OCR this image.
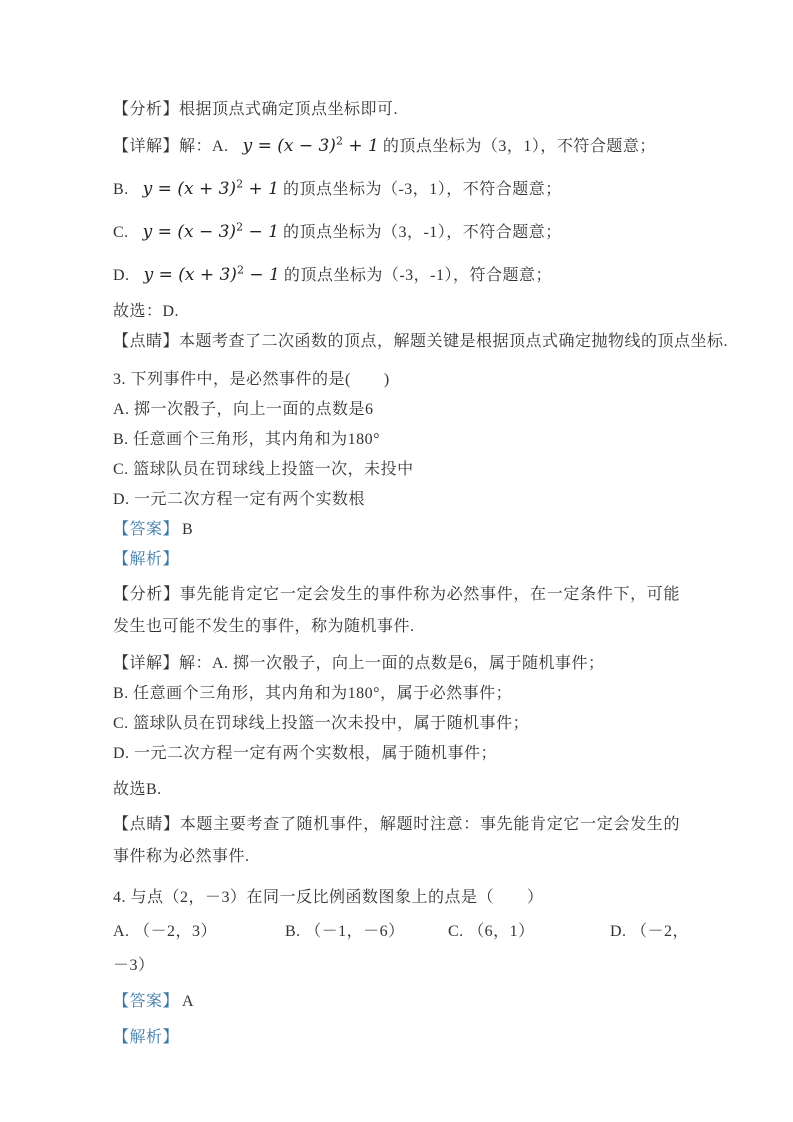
【分析】根据顶点式确定顶点坐标即可.

【详解】解：A. $y = (x - 3)^2 + 1$ 的顶点坐标为（3，1），不符合题意；

B. $y = (x + 3)^2 + 1$ 的顶点坐标为（-3，1），不符合题意；

C. $y = (x - 3)^2 - 1$ 的顶点坐标为（3，-1），不符合题意；

D. $y = (x + 3)^2 - 1$ 的顶点坐标为（-3，-1），符合题意；

故选：D.

【点睛】本题考查了二次函数的顶点，解题关键是根据顶点式确定抛物线的顶点坐标.

3. 下列事件中，是必然事件的是(　　)

A. 掷一次骰子，向上一面的点数是6

B. 任意画个三角形，其内角和为180°

C. 篮球队员在罚球线上投篮一次，未投中

D. 一元二次方程一定有两个实数根

【答案】 B

【解析】

【分析】事先能肯定它一定会发生的事件称为必然事件，在一定条件下，可能发生也可能不发生的事件，称为随机事件.

【详解】解：A. 掷一次骰子，向上一面的点数是6，属于随机事件；

B. 任意画个三角形，其内角和为180°，属于必然事件；

C. 篮球队员在罚球线上投篮一次未投中，属于随机事件；

D. 一元二次方程一定有两个实数根，属于随机事件；

故选B.

【点睛】本题主要考查了随机事件，解题时注意：事先能肯定它一定会发生的事件称为必然事件.

4. 与点（2，－3）在同一反比例函数图象上的点是（　　）

A. （－2，3）	B. （－1，－6）	C. （6，1）	D. （－2，

－3）

【答案】 A

【解析】
